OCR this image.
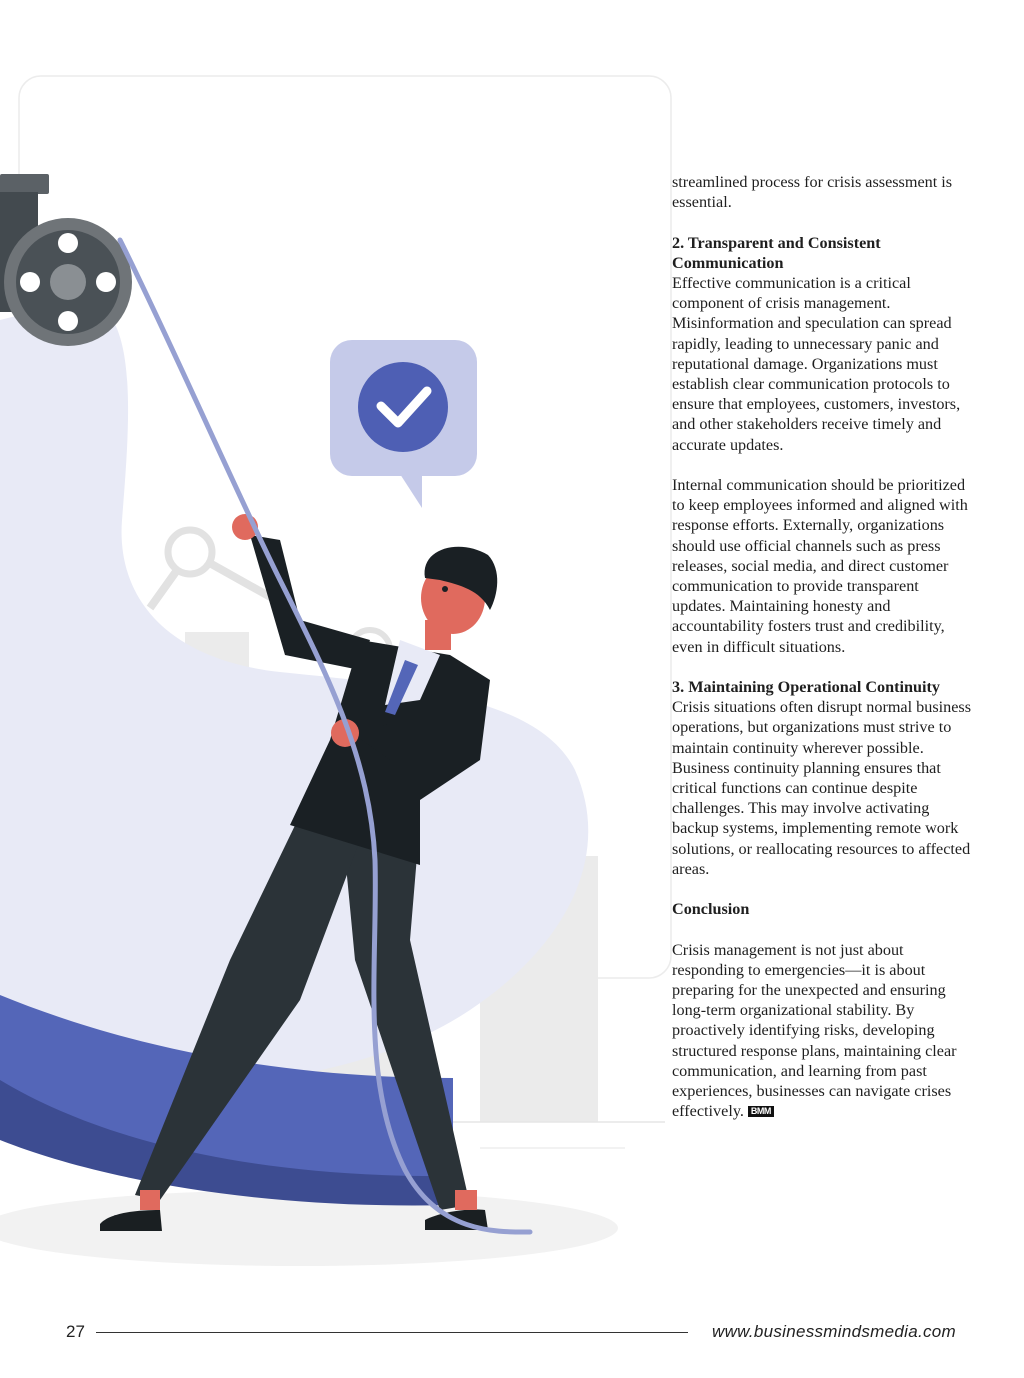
streamlined process for crisis assessment is essential.

2. Transparent and Consistent Communication

Effective communication is a critical component of crisis management. Misinformation and speculation can spread rapidly, leading to unnecessary panic and reputational damage. Organizations must establish clear communication protocols to ensure that employees, customers, investors, and other stakeholders receive timely and accurate updates.

Internal communication should be prioritized to keep employees informed and aligned with response efforts. Externally, organizations should use official channels such as press releases, social media, and direct customer communication to provide transparent updates. Maintaining honesty and accountability fosters trust and credibility, even in difficult situations.

3. Maintaining Operational Continuity

Crisis situations often disrupt normal business operations, but organizations must strive to maintain continuity wherever possible. Business continuity planning ensures that critical functions can continue despite challenges. This may involve activating backup systems, implementing remote work solutions, or reallocating resources to affected areas.

Conclusion

Crisis management is not just about responding to emergencies—it is about preparing for the unexpected and ensuring long-term organizational stability. By proactively identifying risks, developing structured response plans, maintaining clear communication, and learning from past experiences, businesses can navigate crises effectively. BMM

27	www.businessmindsmedia.com
